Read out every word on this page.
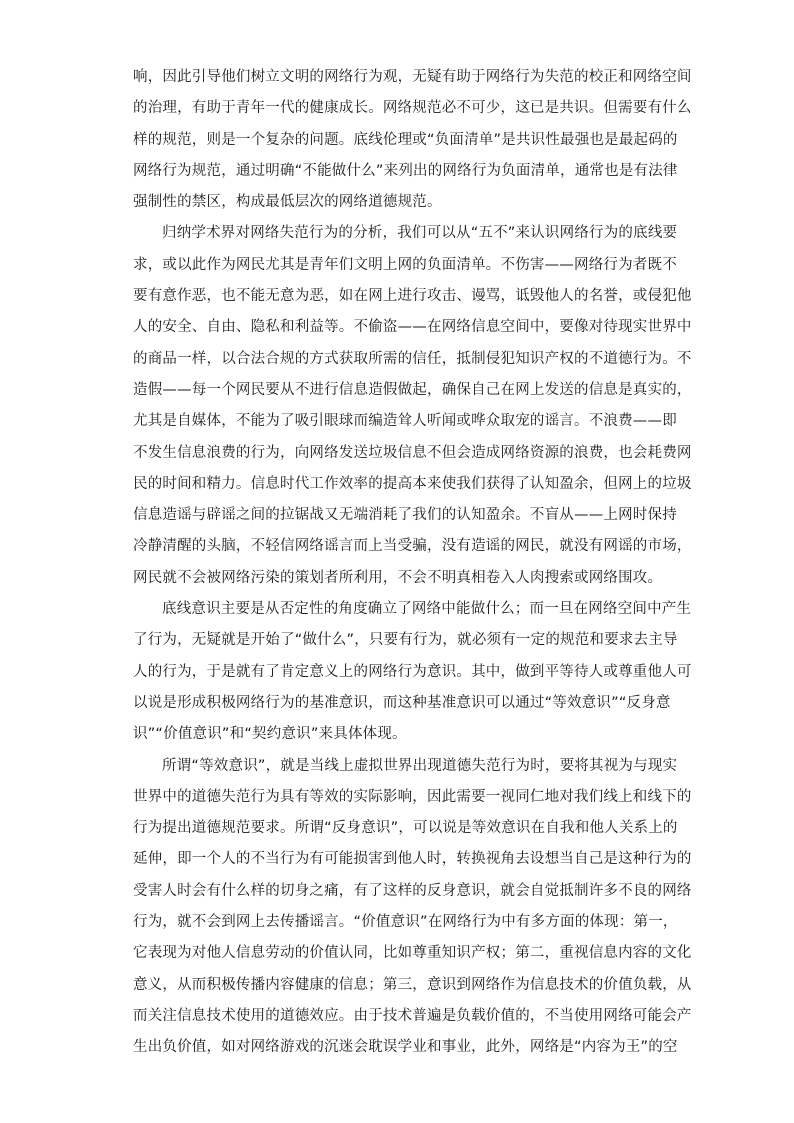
响，因此引导他们树立文明的网络行为观，无疑有助于网络行为失范的校正和网络空间
的治理，有助于青年一代的健康成长。网络规范必不可少，这已是共识。但需要有什么
样的规范，则是一个复杂的问题。底线伦理或“负面清单”是共识性最强也是最起码的
网络行为规范，通过明确“不能做什么”来列出的网络行为负面清单，通常也是有法律
强制性的禁区，构成最低层次的网络道德规范。
归纳学术界对网络失范行为的分析，我们可以从“五不”来认识网络行为的底线要
求，或以此作为网民尤其是青年们文明上网的负面清单。不伤害——网络行为者既不
要有意作恶，也不能无意为恶，如在网上进行攻击、谩骂，诋毁他人的名誉，或侵犯他
人的安全、自由、隐私和利益等。不偷盗——在网络信息空间中，要像对待现实世界中
的商品一样，以合法合规的方式获取所需的信任，抵制侵犯知识产权的不道德行为。不
造假——每一个网民要从不进行信息造假做起，确保自己在网上发送的信息是真实的，
尤其是自媒体，不能为了吸引眼球而编造耸人听闻或哗众取宠的谣言。不浪费——即
不发生信息浪费的行为，向网络发送垃圾信息不但会造成网络资源的浪费，也会耗费网
民的时间和精力。信息时代工作效率的提高本来使我们获得了认知盈余，但网上的垃圾
信息造谣与辟谣之间的拉锯战又无端消耗了我们的认知盈余。不盲从——上网时保持
冷静清醒的头脑，不轻信网络谣言而上当受骗，没有造谣的网民，就没有网谣的市场，
网民就不会被网络污染的策划者所利用，不会不明真相卷入人肉搜索或网络围攻。
底线意识主要是从否定性的角度确立了网络中能做什么；而一旦在网络空间中产生
了行为，无疑就是开始了“做什么”，只要有行为，就必须有一定的规范和要求去主导
人的行为，于是就有了肯定意义上的网络行为意识。其中，做到平等待人或尊重他人可
以说是形成积极网络行为的基准意识，而这种基准意识可以通过“等效意识”“反身意
识”“价值意识”和“契约意识”来具体体现。
所谓“等效意识”，就是当线上虚拟世界出现道德失范行为时，要将其视为与现实
世界中的道德失范行为具有等效的实际影响，因此需要一视同仁地对我们线上和线下的
行为提出道德规范要求。所谓“反身意识”，可以说是等效意识在自我和他人关系上的
延伸，即一个人的不当行为有可能损害到他人时，转换视角去设想当自己是这种行为的
受害人时会有什么样的切身之痛，有了这样的反身意识，就会自觉抵制许多不良的网络
行为，就不会到网上去传播谣言。“价值意识”在网络行为中有多方面的体现：第一，
它表现为对他人信息劳动的价值认同，比如尊重知识产权；第二，重视信息内容的文化
意义，从而积极传播内容健康的信息；第三，意识到网络作为信息技术的价值负载，从
而关注信息技术使用的道德效应。由于技术普遍是负载价值的，不当使用网络可能会产
生出负价值，如对网络游戏的沉迷会耽误学业和事业，此外，网络是“内容为王”的空
